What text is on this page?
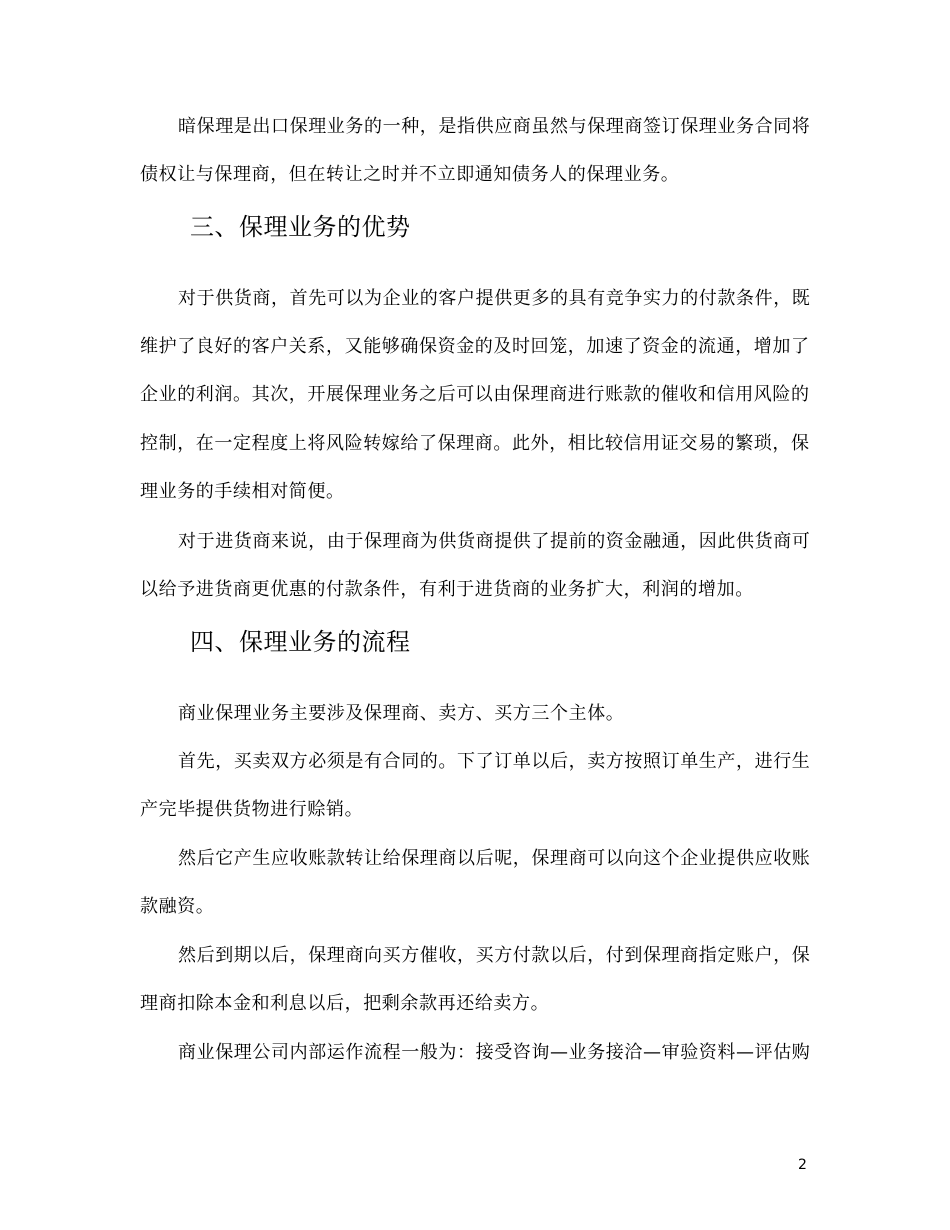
暗保理是出口保理业务的一种，是指供应商虽然与保理商签订保理业务合同将
债权让与保理商，但在转让之时并不立即通知债务人的保理业务。
三、保理业务的优势
对于供货商，首先可以为企业的客户提供更多的具有竞争实力的付款条件，既
维护了良好的客户关系，又能够确保资金的及时回笼，加速了资金的流通，增加了
企业的利润。其次，开展保理业务之后可以由保理商进行账款的催收和信用风险的
控制，在一定程度上将风险转嫁给了保理商。此外，相比较信用证交易的繁琐，保
理业务的手续相对简便。
对于进货商来说，由于保理商为供货商提供了提前的资金融通，因此供货商可
以给予进货商更优惠的付款条件，有利于进货商的业务扩大，利润的增加。
四、保理业务的流程
商业保理业务主要涉及保理商、卖方、买方三个主体。
首先，买卖双方必须是有合同的。下了订单以后，卖方按照订单生产，进行生
产完毕提供货物进行赊销。
然后它产生应收账款转让给保理商以后呢，保理商可以向这个企业提供应收账
款融资。
然后到期以后，保理商向买方催收，买方付款以后，付到保理商指定账户，保
理商扣除本金和利息以后，把剩余款再还给卖方。
商业保理公司内部运作流程一般为：接受咨询—业务接洽—审验资料—评估购
2
